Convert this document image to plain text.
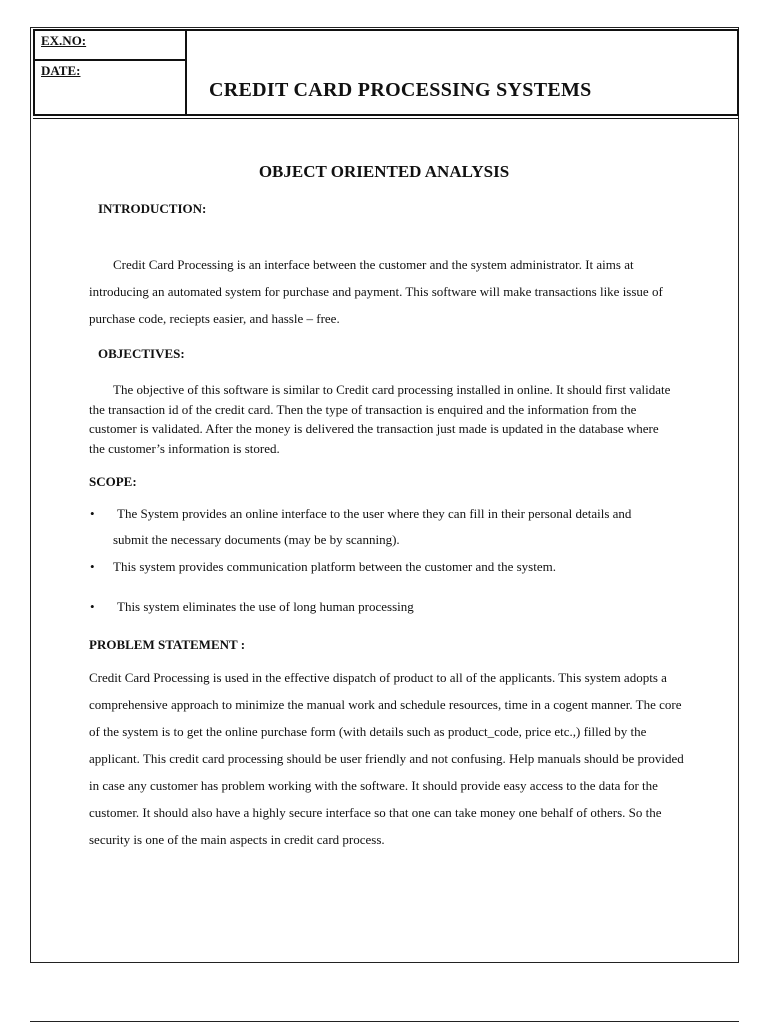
EX.NO:
DATE:
CREDIT CARD PROCESSING SYSTEMS
OBJECT ORIENTED ANALYSIS
INTRODUCTION:

Credit Card Processing is an interface between the customer and the system administrator. It aims at introducing an automated system for purchase and payment. This software will make transactions like issue of purchase code, reciepts easier, and hassle – free.

OBJECTIVES:

The objective of this software is similar to Credit card processing installed in online. It should first validate the transaction id of the credit card. Then the type of transaction is enquired and the information from the customer is validated. After the money is delivered the transaction just made is updated in the database where the customer’s information is stored.

SCOPE:
•	The System provides an online interface to the user where they can fill in their personal details and submit the necessary documents (may be by scanning).
• This system provides communication platform between the customer and the system.
•	This system eliminates the use of long human processing
PROBLEM STATEMENT :

Credit Card Processing is used in the effective dispatch of product to all of the applicants. This system adopts a comprehensive approach to minimize the manual work and schedule resources, time in a cogent manner. The core of the system is to get the online purchase form (with details such as product_code, price etc.,) filled by the applicant. This credit card processing should be user friendly and not confusing. Help manuals should be provided in case any customer has problem working with the software. It should provide easy access to the data for the customer. It should also have a highly secure interface so that one can take money one behalf of others. So the security is one of the main aspects in credit card process.
